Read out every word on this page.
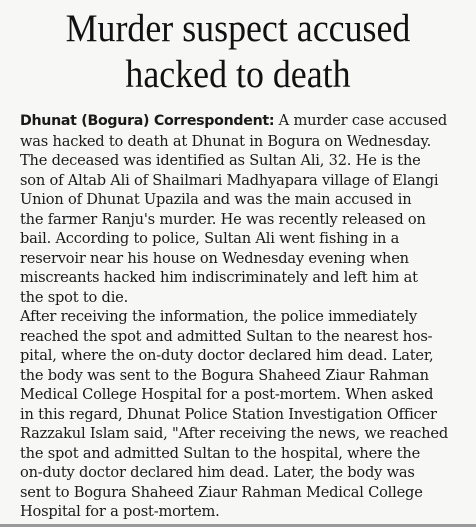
Murder suspect accused
hacked to death
Dhunat (Bogura) Correspondent: A murder case accused
was hacked to death at Dhunat in Bogura on Wednesday.
The deceased was identified as Sultan Ali, 32. He is the
son of Altab Ali of Shailmari Madhyapara village of Elangi
Union of Dhunat Upazila and was the main accused in
the farmer Ranju's murder. He was recently released on
bail. According to police, Sultan Ali went fishing in a
reservoir near his house on Wednesday evening when
miscreants hacked him indiscriminately and left him at
the spot to die.
After receiving the information, the police immediately
reached the spot and admitted Sultan to the nearest hos-
pital, where the on-duty doctor declared him dead. Later,
the body was sent to the Bogura Shaheed Ziaur Rahman
Medical College Hospital for a post-mortem. When asked
in this regard, Dhunat Police Station Investigation Officer
Razzakul Islam said, "After receiving the news, we reached
the spot and admitted Sultan to the hospital, where the
on-duty doctor declared him dead. Later, the body was
sent to Bogura Shaheed Ziaur Rahman Medical College
Hospital for a post-mortem.
